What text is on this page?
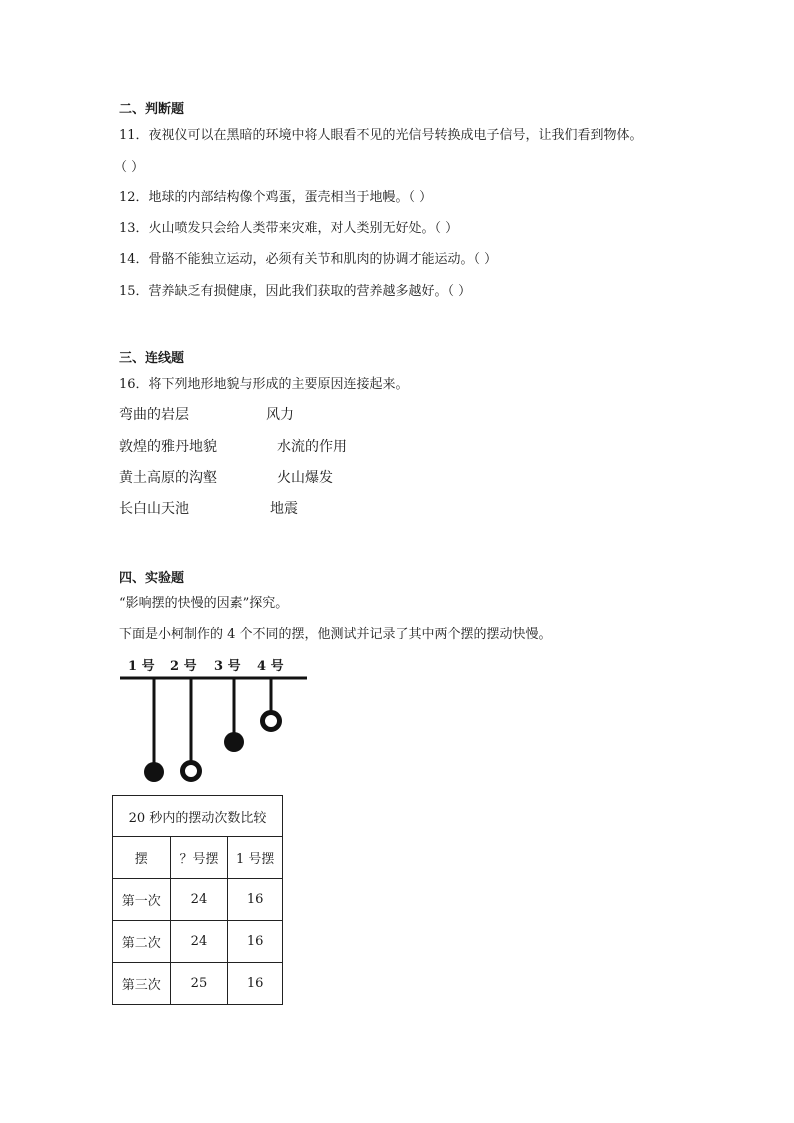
二、判断题
11．夜视仪可以在黑暗的环境中将人眼看不见的光信号转换成电子信号，让我们看到物体。
（ ）
12．地球的内部结构像个鸡蛋，蛋壳相当于地幔。（ ）
13．火山喷发只会给人类带来灾难，对人类别无好处。（ ）
14．骨骼不能独立运动，必须有关节和肌肉的协调才能运动。（ ）
15．营养缺乏有损健康，因此我们获取的营养越多越好。（ ）
三、连线题
16．将下列地形地貌与形成的主要原因连接起来。
弯曲的岩层	风力
敦煌的雅丹地貌	水流的作用
黄土高原的沟壑	火山爆发
长白山天池	地震
四、实验题
“影响摆的快慢的因素”探究。
下面是小柯制作的 4 个不同的摆，他测试并记录了其中两个摆的摆动快慢。
1 号 2 号 3 号 4 号
20 秒内的摆动次数比较		
摆	？号摆	1 号摆
第一次	24	16
第二次	24	16
第三次	25	16
